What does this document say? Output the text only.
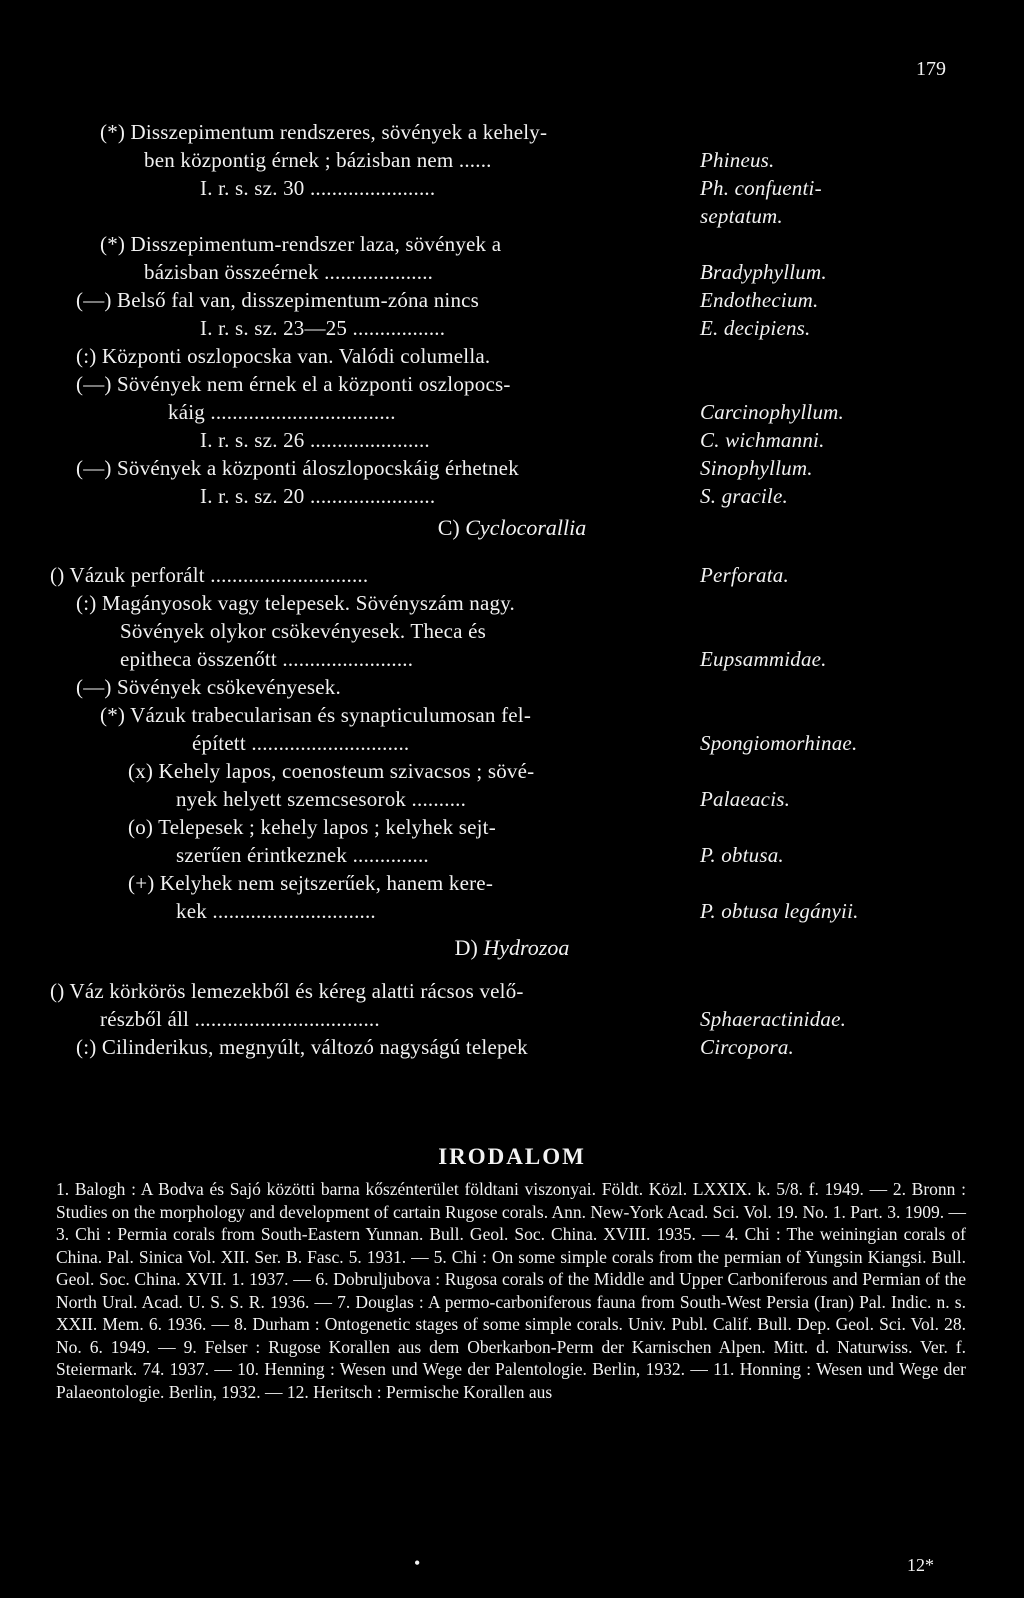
179
(*) Disszepimentum rendszeres, sövények a kehely-
ben központig érnek ; bázisban nem ......	Phineus.
I. r. s. sz. 30 .......................	Ph. confuenti-
septatum.
(*) Disszepimentum-rendszer laza, sövények a
bázisban összeérnek ....................	Bradyphyllum.
(—) Belső fal van, disszepimentum-zóna nincs	Endothecium.
I. r. s. sz. 23—25 .................	E. decipiens.
(:) Központi oszlopocska van. Valódi columella.
(—) Sövények nem érnek el a központi oszlopocs-
káig ..................................	Carcinophyllum.
I. r. s. sz. 26 ......................	C. wichmanni.
(—) Sövények a központi áloszlopocskáig érhetnek	Sinophyllum.
I. r. s. sz. 20 .......................	S. gracile.
C) Cyclocorallia
() Vázuk perforált .............................	Perforata.
(:) Magányosok vagy telepesek. Sövényszám nagy.
Sövények olykor csökevényesek. Theca és
epitheca összenőtt ........................	Eupsammidae.
(—) Sövények csökevényesek.
(*) Vázuk trabecularisan és synapticulumosan fel-
épített .............................	Spongiomorhinae.
(x) Kehely lapos, coenosteum szivacsos ; sövé-
nyek helyett szemcsesorok ..........	Palaeacis.
(o) Telepesek ; kehely lapos ; kelyhek sejt-
szerűen érintkeznek ..............	P. obtusa.
(+) Kelyhek nem sejtszerűek, hanem kere-
kek ..............................	P. obtusa legányii.
D) Hydrozoa
() Váz körkörös lemezekből és kéreg alatti rácsos velő-
részből áll ..................................	Sphaeractinidae.
(:) Cilinderikus, megnyúlt, változó nagyságú telepek	Circopora.
IRODALOM
1. Balogh : A Bodva és Sajó közötti barna kőszénterület földtani viszonyai. Földt. Közl. LXXIX. k. 5/8. f. 1949. — 2. Bronn : Studies on the morphology and development of cartain Rugose corals. Ann. New-York Acad. Sci. Vol. 19. No. 1. Part. 3. 1909. — 3. Chi : Permia corals from South-Eastern Yunnan. Bull. Geol. Soc. China. XVIII. 1935. — 4. Chi : The weiningian corals of China. Pal. Sinica Vol. XII. Ser. B. Fasc. 5. 1931. — 5. Chi : On some simple corals from the permian of Yungsin Kiangsi. Bull. Geol. Soc. China. XVII. 1. 1937. — 6. Dobruljubova : Rugosa corals of the Middle and Upper Carboniferous and Permian of the North Ural. Acad. U. S. S. R. 1936. — 7. Douglas : A permo-carboniferous fauna from South-West Persia (Iran) Pal. Indic. n. s. XXII. Mem. 6. 1936. — 8. Durham : Ontogenetic stages of some simple corals. Univ. Publ. Calif. Bull. Dep. Geol. Sci. Vol. 28. No. 6. 1949. — 9. Felser : Rugose Korallen aus dem Oberkarbon-Perm der Karnischen Alpen. Mitt. d. Naturwiss. Ver. f. Steiermark. 74. 1937. — 10. Henning : Wesen und Wege der Palentologie. Berlin, 1932. — 11. Honning : Wesen und Wege der Palaeontologie. Berlin, 1932. — 12. Heritsch : Permische Korallen aus
•	12*
